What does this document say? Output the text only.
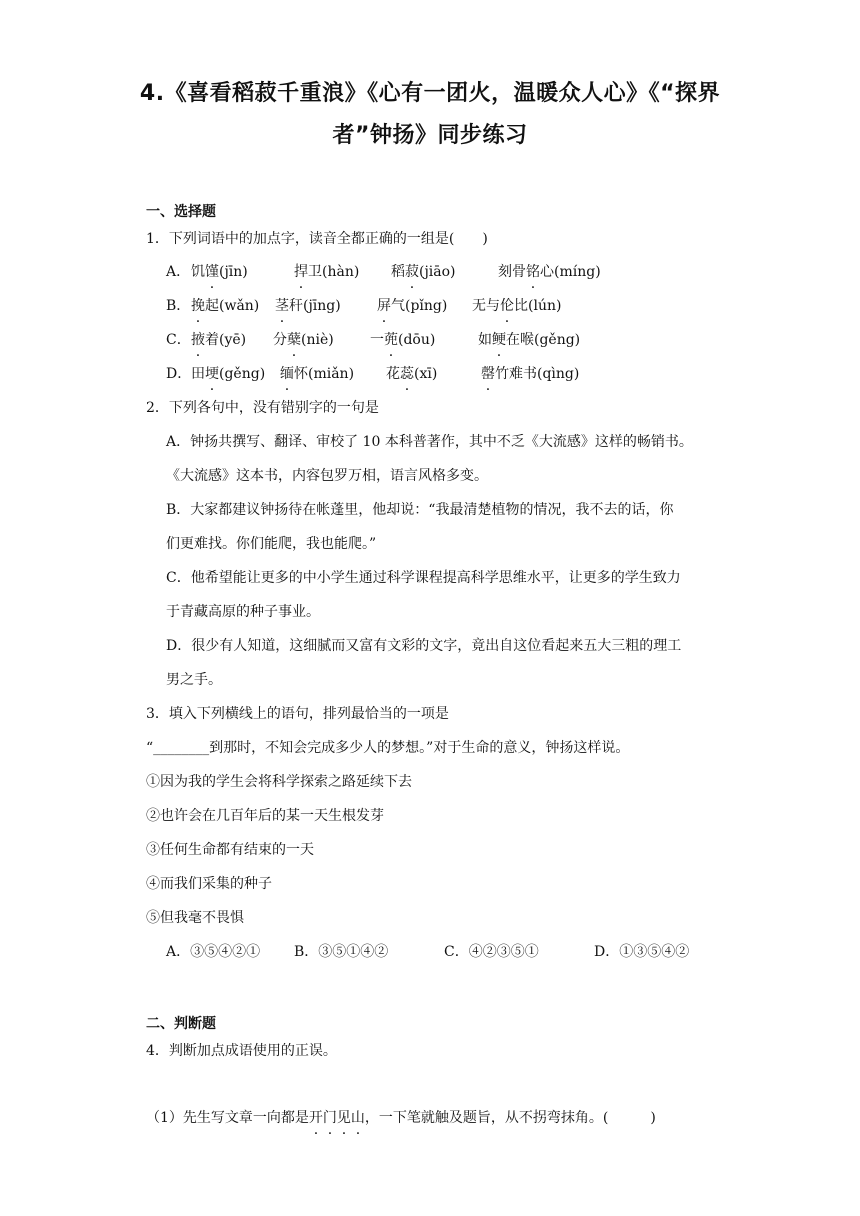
4.《喜看稻菽千重浪》《心有一团火，温暖众人心》《“探界
者”钟扬》同步练习
一、选择题
1．下列词语中的加点字，读音全都正确的一组是(　　)
A． 饥馑(jīn)	捍卫(hàn) 稻菽(jiāo)	刻骨铭心(míng)
B． 挽起(wǎn) 茎秆(jīng)	屏气(pǐng) 无与伦比(lún)
C． 掖着(yē) 分蘖(niè)	一蔸(dōu)	如鲠在喉(gěng)
D． 田埂(gěng) 缅怀(miǎn) 花蕊(xī)	罄竹难书(qìng)
2．下列各句中，没有错别字的一句是
A．钟扬共撰写、翻译、审校了 10 本科普著作，其中不乏《大流感》这样的畅销书。
《大流感》这本书，内容包罗万相，语言风格多变。
B．大家都建议钟扬待在帐蓬里，他却说：“我最清楚植物的情况，我不去的话，你
们更难找。你们能爬，我也能爬。”
C．他希望能让更多的中小学生通过科学课程提高科学思维水平，让更多的学生致力
于青藏高原的种子事业。
D．很少有人知道，这细腻而又富有文彩的文字，竟出自这位看起来五大三粗的理工
男之手。
3．填入下列横线上的语句，排列最恰当的一项是
“________到那时，不知会完成多少人的梦想。”对于生命的意义，钟扬这样说。
①因为我的学生会将科学探索之路延续下去
②也许会在几百年后的某一天生根发芽
③任何生命都有结束的一天
④而我们采集的种子
⑤但我毫不畏惧
A．③⑤④②① B．③⑤①④②	C．④②③⑤①	D．①③⑤④②
二、判断题
4．判断加点成语使用的正误。
（1）先生写文章一向都是开门见山，一下笔就触及题旨，从不拐弯抹角。(　　　)
